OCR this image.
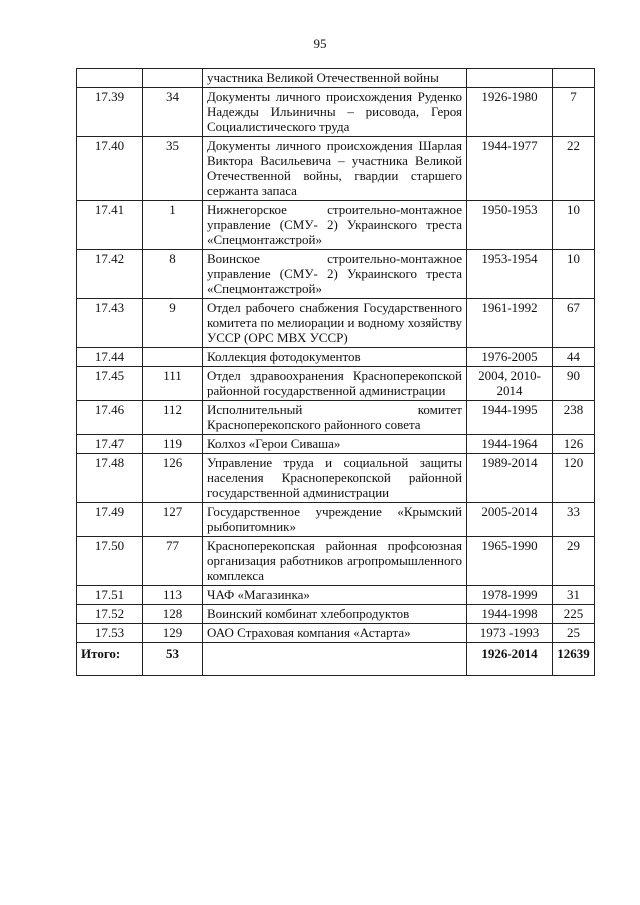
95
		участника Великой Отечественной войны		
17.39	34	Документы личного происхождения Руденко Надежды Ильиничны – рисовода, Героя Социалистического труда	1926-1980	7
17.40	35	Документы личного происхождения Шарлая Виктора Васильевича – участника Великой Отечественной войны, гвардии старшего сержанта запаса	1944-1977	22
17.41	1	Нижнегорское строительно-монтажное управление (СМУ- 2) Украинского треста «Спецмонтажстрой»	1950-1953	10
17.42	8	Воинское строительно-монтажное управление (СМУ- 2) Украинского треста «Спецмонтажстрой»	1953-1954	10
17.43	9	Отдел рабочего снабжения Государственного комитета по мелиорации и водному хозяйству УССР (ОРС МВХ УССР)	1961-1992	67
17.44		Коллекция фотодокументов	1976-2005	44
17.45	111	Отдел здравоохранения Красноперекопской районной государственной администрации	2004, 2010-2014	90
17.46	112	Исполнительный комитет Красноперекопского районного совета	1944-1995	238
17.47	119	Колхоз «Герои Сиваша»	1944-1964	126
17.48	126	Управление труда и социальной защиты населения Красноперекопской районной государственной администрации	1989-2014	120
17.49	127	Государственное учреждение «Крымский рыбопитомник»	2005-2014	33
17.50	77	Красноперекопская районная профсоюзная организация работников агропромышленного комплекса	1965-1990	29
17.51	113	ЧАФ «Магазинка»	1978-1999	31
17.52	128	Воинский комбинат хлебопродуктов	1944-1998	225
17.53	129	ОАО Страховая компания «Астарта»	1973 -1993	25
Итого:	53		1926-2014	12639
